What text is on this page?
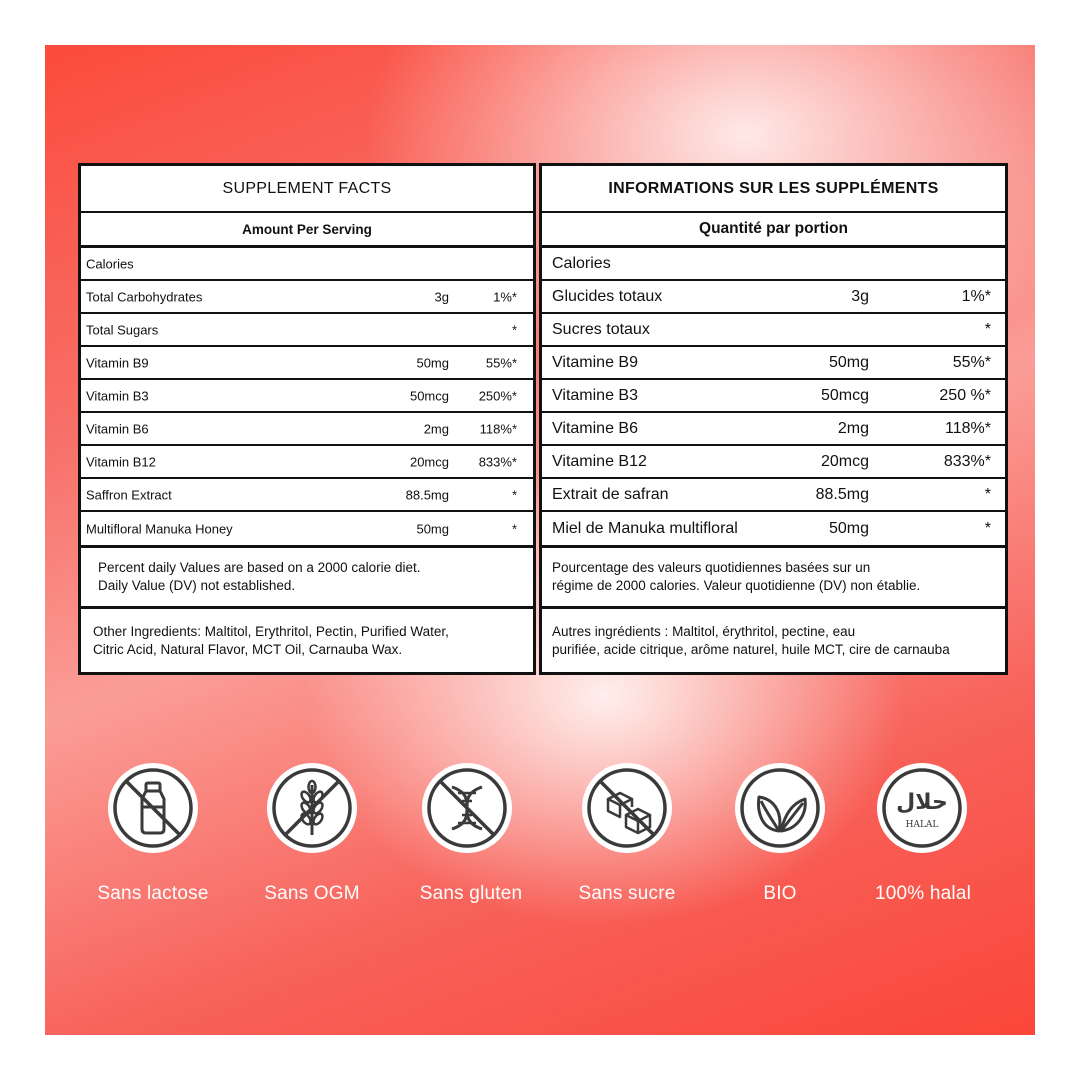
SUPPLEMENT FACTS
Amount Per Serving
Calories
Total Carbohydrates	3g	1%*
Total Sugars	*
Vitamin B9	50mg	55%*
Vitamin B3	50mcg 250%*
Vitamin B6	2mg 118%*
Vitamin B12	20mcg 833%*
Saffron Extract	88.5mg	*
Multifloral Manuka Honey	50mg	*
Percent daily Values are based on a 2000 calorie diet.
Daily Value (DV) not established.
Other Ingredients: Maltitol, Erythritol, Pectin, Purified Water,
Citric Acid, Natural Flavor, MCT Oil, Carnauba Wax.
INFORMATIONS SUR LES SUPPLÉMENTS
Quantité par portion
Calories
Glucides totaux	3g	1%*
Sucres totaux	*
Vitamine B9	50mg	55%*
Vitamine B3	50mcg	250 %*
Vitamine B6	2mg	118%*
Vitamine B12	20mcg	833%*
Extrait de safran	88.5mg	*
Miel de Manuka multifloral	50mg	*
Pourcentage des valeurs quotidiennes basées sur un
régime de 2000 calories. Valeur quotidienne (DV) non établie.
Autres ingrédients : Maltitol, érythritol, pectine, eau
purifiée, acide citrique, arôme naturel, huile MCT, cire de carnauba
حلال
HALAL
Sans lactose	Sans OGM	Sans gluten	Sans sucre	BIO	100% halal
